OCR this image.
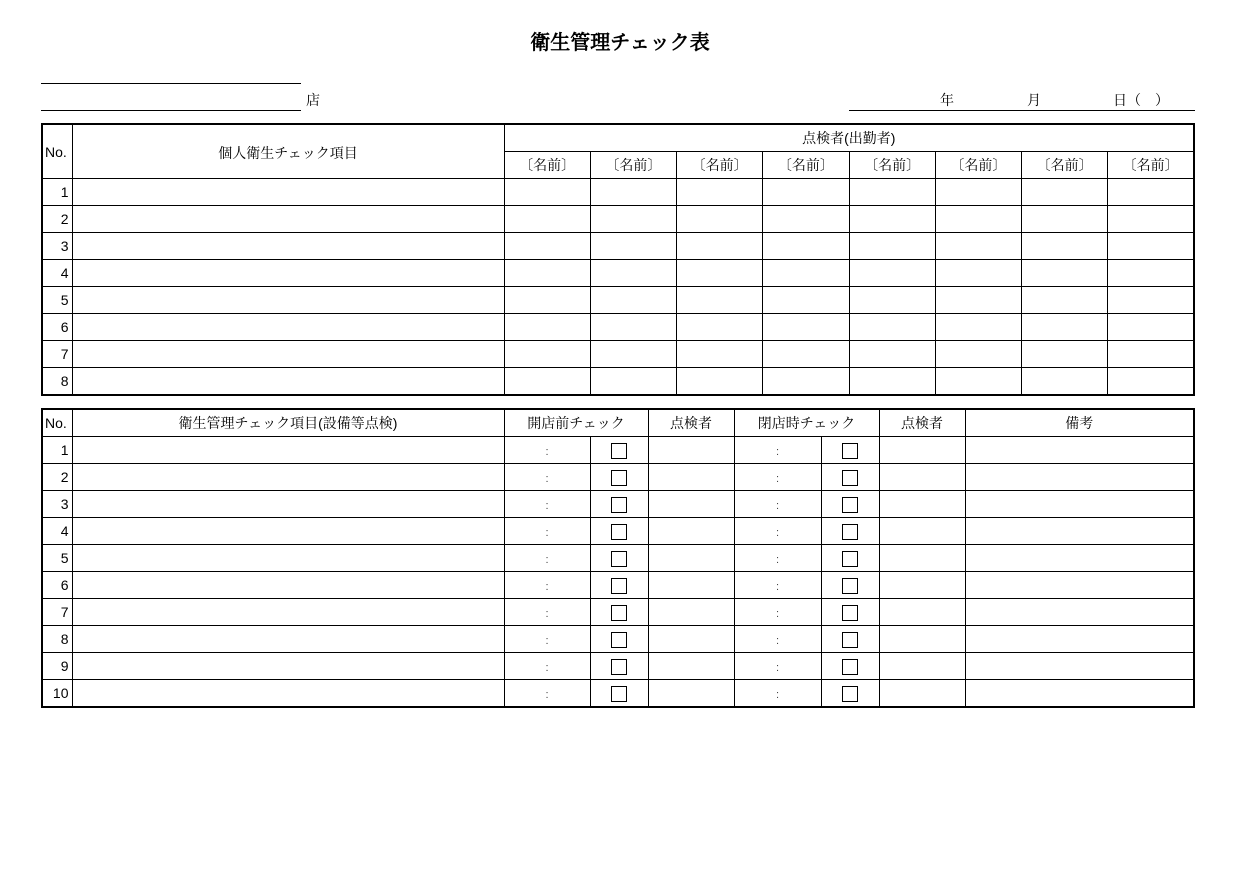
衛生管理チェック表
店	年	月	日（　）
No.	個人衛生チェック項目	点検者(出勤者)							
		〔名前〕	〔名前〕	〔名前〕	〔名前〕	〔名前〕	〔名前〕	〔名前〕	〔名前〕
1									
2									
3									
4									
5									
6									
7									
8									
No.	衛生管理チェック項目(設備等点検)	開店前チェック		点検者	閉店時チェック		点検者	備考
1		:			:			
2		:			:			
3		:			:			
4		:			:			
5		:			:			
6		:			:			
7		:			:			
8		:			:			
9		:			:			
10		:			:			
